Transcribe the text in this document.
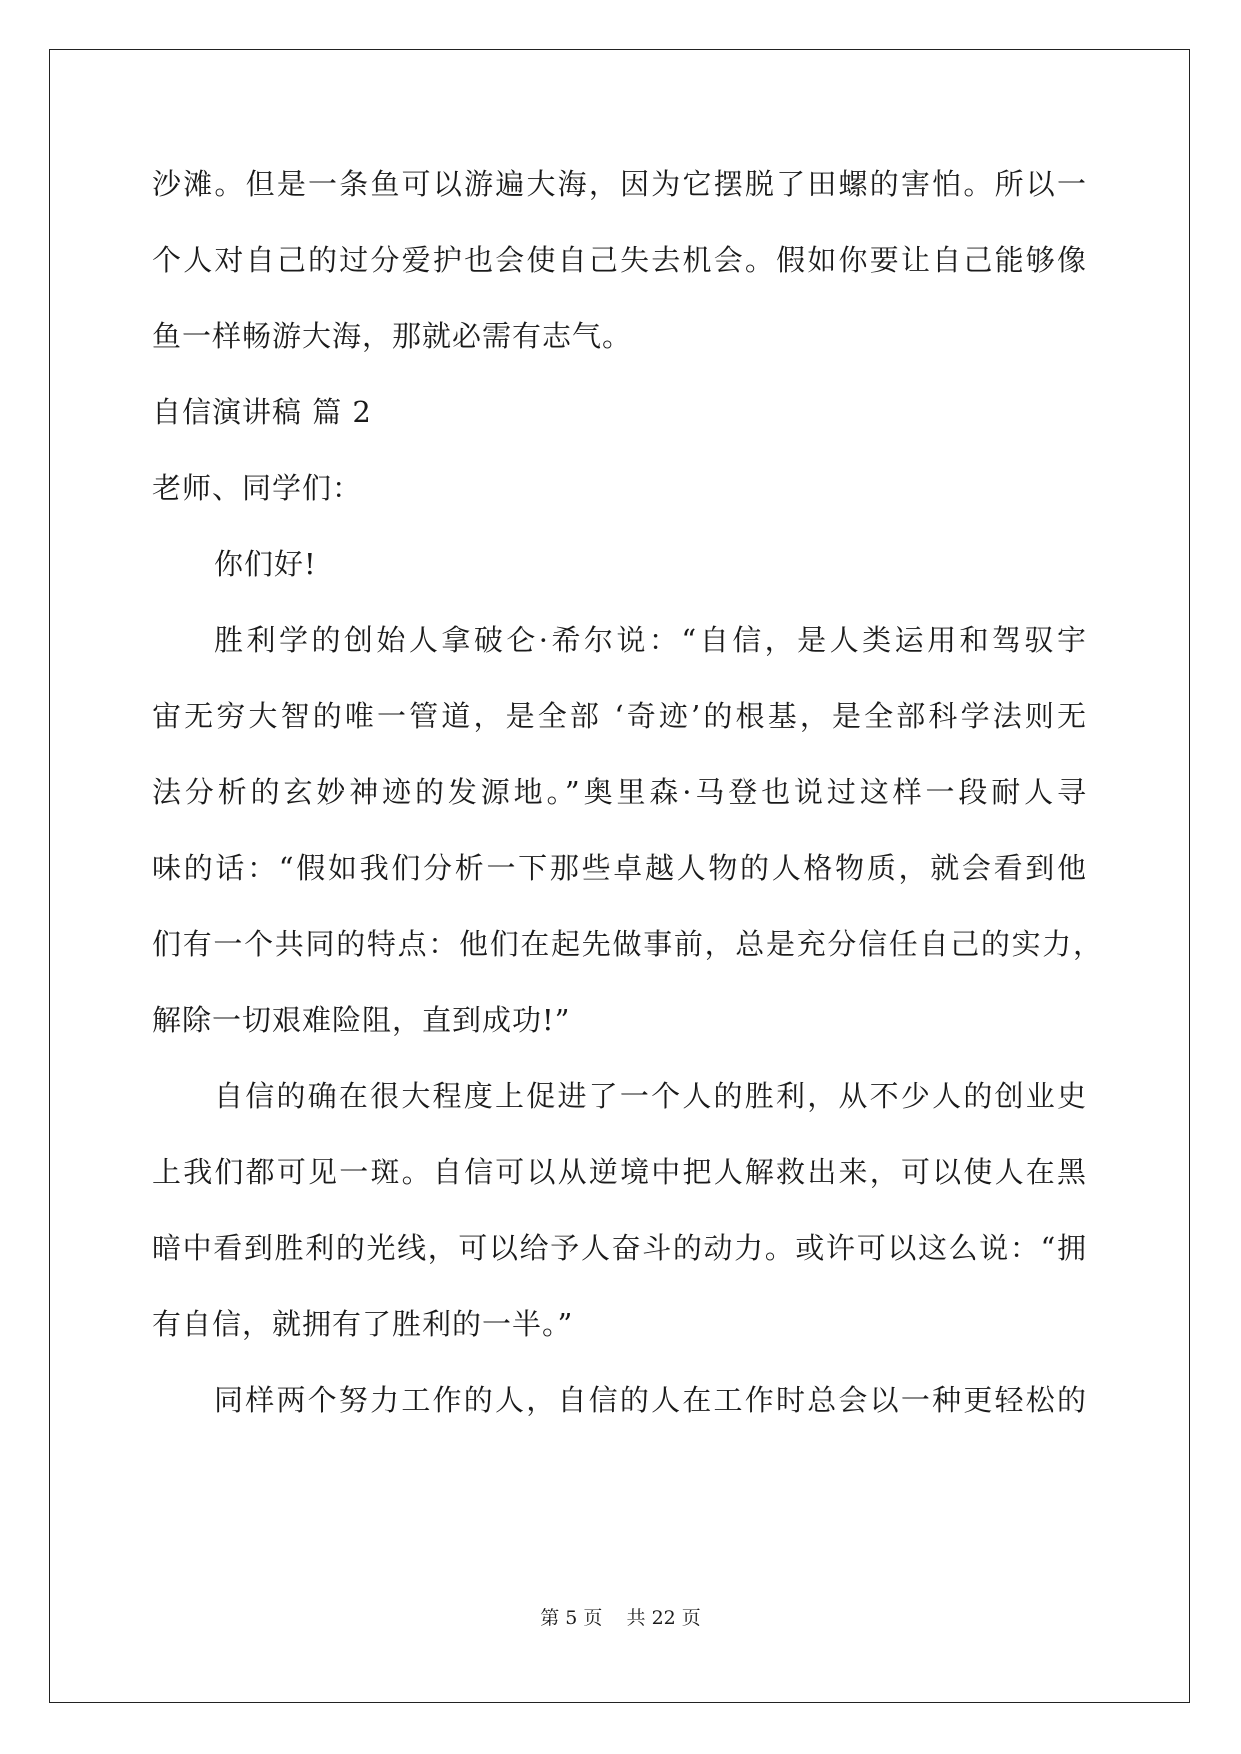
沙滩。但是一条鱼可以游遍大海，因为它摆脱了田螺的害怕。所以一
个人对自己的过分爱护也会使自己失去机会。假如你要让自己能够像
鱼一样畅游大海，那就必需有志气。
自信演讲稿 篇 2
老师、同学们：
你们好!
胜利学的创始人拿破仑·希尔说：“自信，是人类运用和驾驭宇
宙无穷大智的唯一管道，是全部 ‘奇迹’的根基，是全部科学法则无
法分析的玄妙神迹的发源地。”奥里森·马登也说过这样一段耐人寻
味的话：“假如我们分析一下那些卓越人物的人格物质，就会看到他
们有一个共同的特点：他们在起先做事前，总是充分信任自己的实力，
解除一切艰难险阻，直到成功!”
自信的确在很大程度上促进了一个人的胜利，从不少人的创业史
上我们都可见一斑。自信可以从逆境中把人解救出来，可以使人在黑
暗中看到胜利的光线，可以给予人奋斗的动力。或许可以这么说：“拥
有自信，就拥有了胜利的一半。”
同样两个努力工作的人，自信的人在工作时总会以一种更轻松的
第 5 页    共 22 页
